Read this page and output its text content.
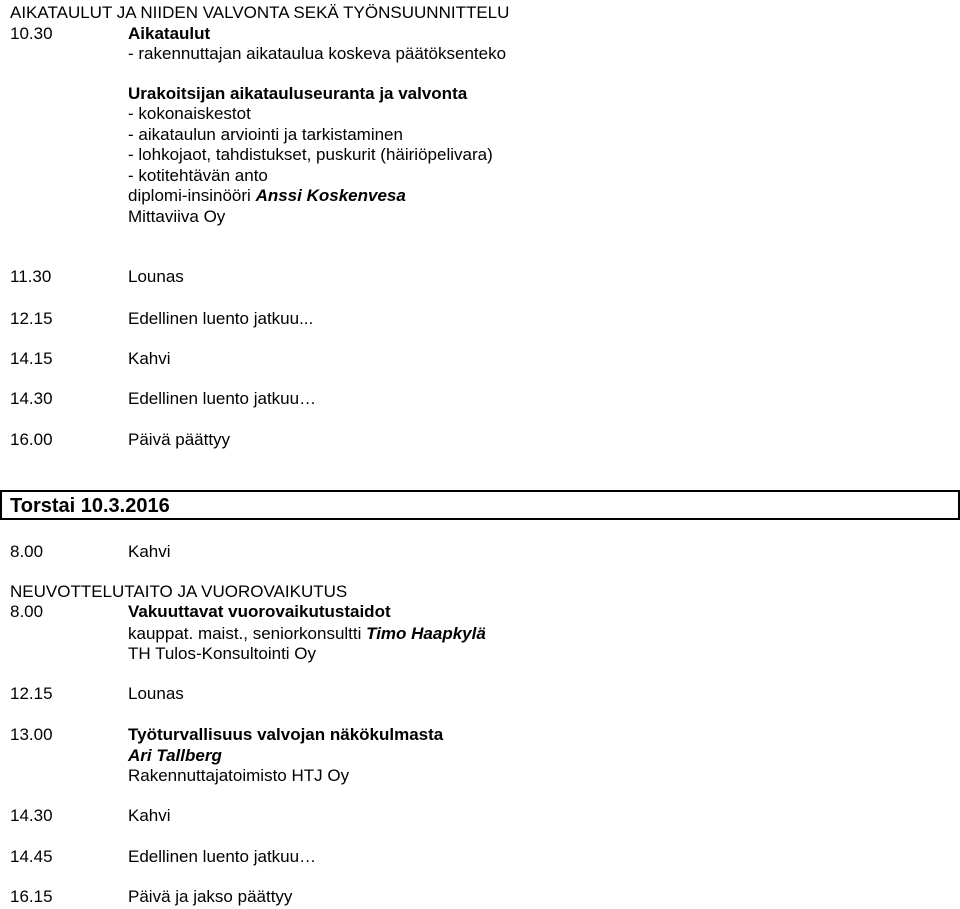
AIKATAULUT JA NIIDEN VALVONTA SEKÄ TYÖNSUUNNITTELU
10.30	Aikataulut
- rakennuttajan aikataulua koskeva päätöksenteko
Urakoitsijan aikatauluseuranta ja valvonta
- kokonaiskestot
- aikataulun arviointi ja tarkistaminen
- lohkojaot, tahdistukset, puskurit (häiriöpelivara)
- kotitehtävän anto
diplomi-insinööri Anssi Koskenvesa
Mittaviiva Oy
11.30	Lounas
12.15	Edellinen luento jatkuu...
14.15	Kahvi
14.30	Edellinen luento jatkuu…
16.00	Päivä päättyy
Torstai 10.3.2016
8.00	Kahvi
NEUVOTTELUTAITO JA VUOROVAIKUTUS
8.00	Vakuuttavat vuorovaikutustaidot
kauppat. maist., seniorkonsultti Timo Haapkylä
TH Tulos-Konsultointi Oy
12.15	Lounas
13.00	Työturvallisuus valvojan näkökulmasta
Ari Tallberg
Rakennuttajatoimisto HTJ Oy
14.30	Kahvi
14.45	Edellinen luento jatkuu…
16.15	Päivä ja jakso päättyy
